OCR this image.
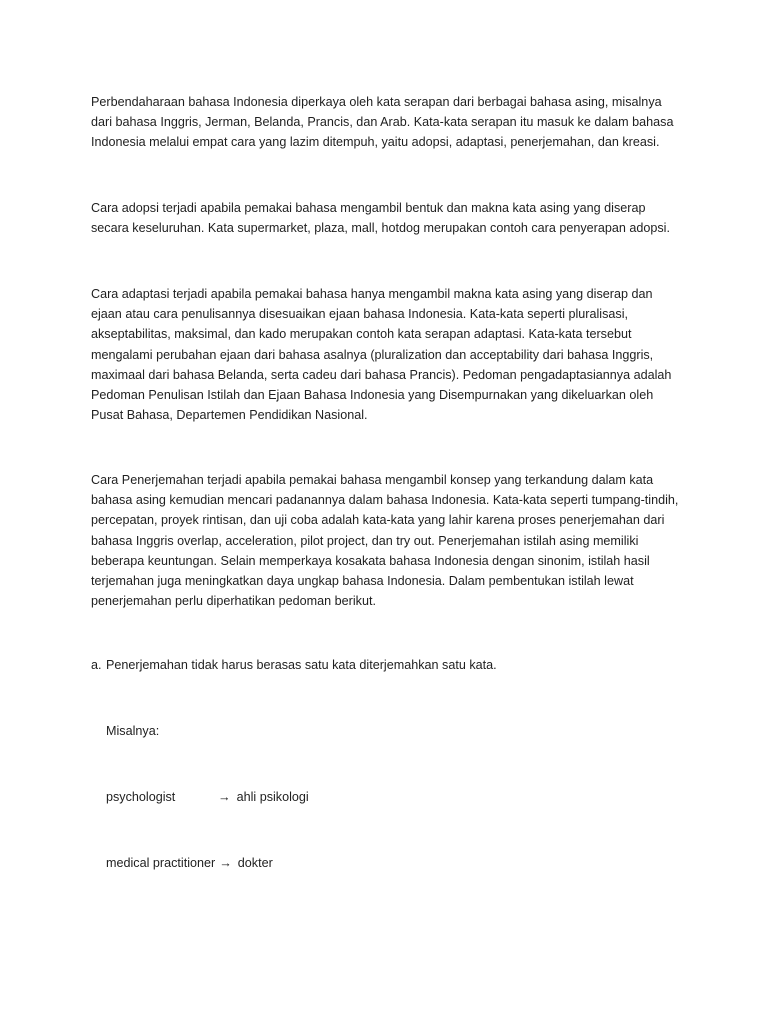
Perbendaharaan bahasa Indonesia diperkaya oleh kata serapan dari berbagai bahasa asing, misalnya
dari bahasa Inggris, Jerman, Belanda, Prancis, dan Arab. Kata-kata serapan itu masuk ke dalam bahasa
Indonesia melalui empat cara yang lazim ditempuh, yaitu adopsi, adaptasi, penerjemahan, dan kreasi.

Cara adopsi terjadi apabila pemakai bahasa mengambil bentuk dan makna kata asing yang diserap
secara keseluruhan. Kata supermarket, plaza, mall, hotdog merupakan contoh cara penyerapan adopsi.

Cara adaptasi terjadi apabila pemakai bahasa hanya mengambil makna kata asing yang diserap dan
ejaan atau cara penulisannya disesuaikan ejaan bahasa Indonesia. Kata-kata seperti pluralisasi,
akseptabilitas, maksimal, dan kado merupakan contoh kata serapan adaptasi. Kata-kata tersebut
mengalami perubahan ejaan dari bahasa asalnya (pluralization dan acceptability dari bahasa Inggris,
maximaal dari bahasa Belanda, serta cadeu dari bahasa Prancis). Pedoman pengadaptasiannya adalah
Pedoman Penulisan Istilah dan Ejaan Bahasa Indonesia yang Disempurnakan yang dikeluarkan oleh
Pusat Bahasa, Departemen Pendidikan Nasional.

Cara Penerjemahan terjadi apabila pemakai bahasa mengambil konsep yang terkandung dalam kata
bahasa asing kemudian mencari padanannya dalam bahasa Indonesia. Kata-kata seperti tumpang-tindih,
percepatan, proyek rintisan, dan uji coba adalah kata-kata yang lahir karena proses penerjemahan dari
bahasa Inggris overlap, acceleration, pilot project, dan try out. Penerjemahan istilah asing memiliki
beberapa keuntungan. Selain memperkaya kosakata bahasa Indonesia dengan sinonim, istilah hasil
terjemahan juga meningkatkan daya ungkap bahasa Indonesia. Dalam pembentukan istilah lewat
penerjemahan perlu diperhatikan pedoman berikut.

a. Penerjemahan tidak harus berasas satu kata diterjemahkan satu kata.
Misalnya:
psychologist	→ ahli psikologi
medical practitioner → dokter
